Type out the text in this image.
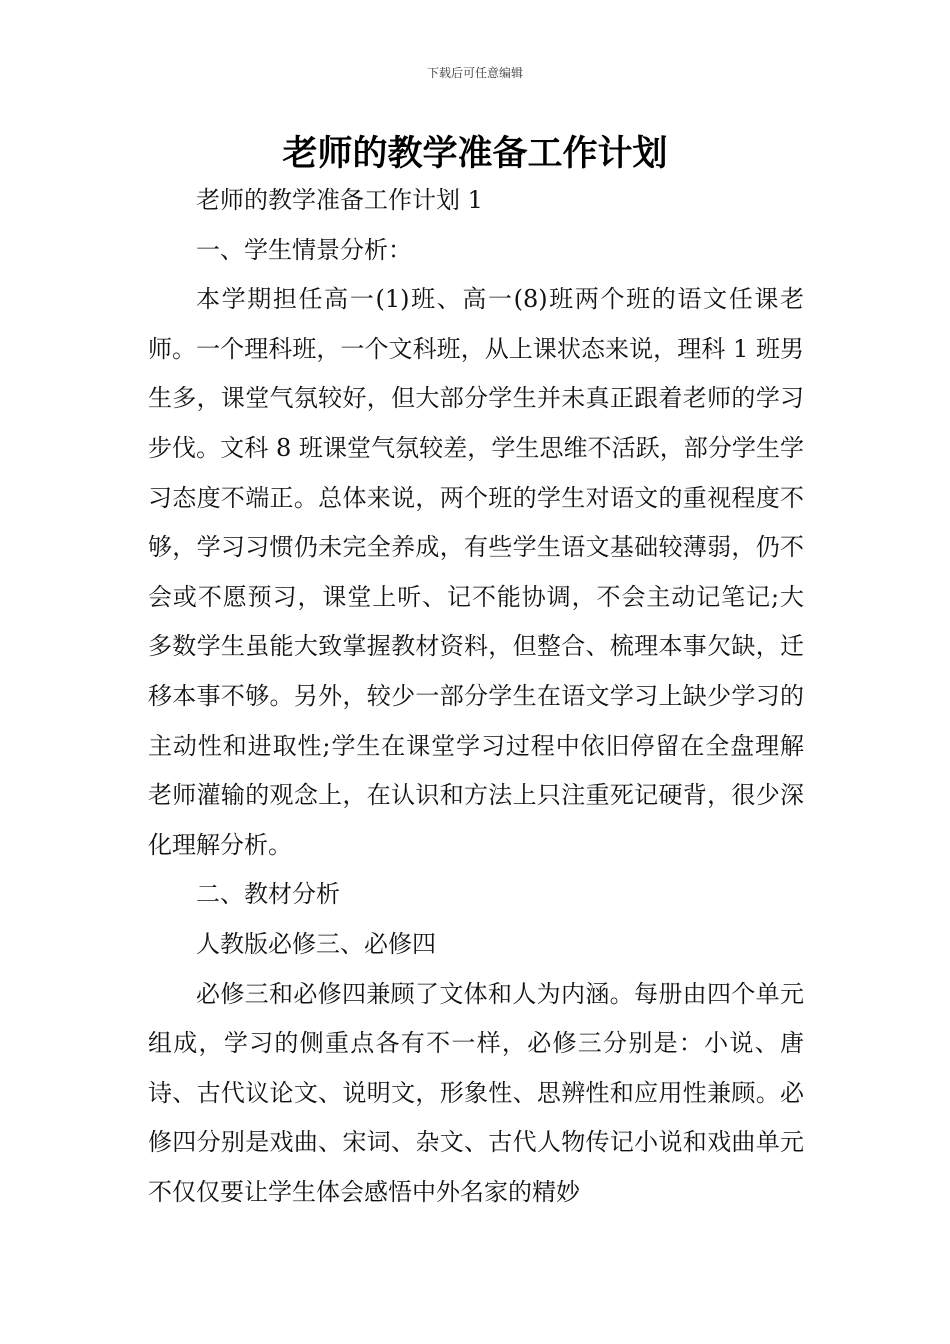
下载后可任意编辑
老师的教学准备工作计划

老师的教学准备工作计划 1

一、学生情景分析：

本学期担任高一(1)班、高一(8)班两个班的语文任课老师。一个理科班，一个文科班，从上课状态来说，理科 1 班男生多，课堂气氛较好，但大部分学生并未真正跟着老师的学习步伐。文科 8 班课堂气氛较差，学生思维不活跃，部分学生学习态度不端正。总体来说，两个班的学生对语文的重视程度不够，学习习惯仍未完全养成，有些学生语文基础较薄弱，仍不会或不愿预习，课堂上听、记不能协调，不会主动记笔记;大多数学生虽能大致掌握教材资料，但整合、梳理本事欠缺，迁移本事不够。另外，较少一部分学生在语文学习上缺少学习的主动性和进取性;学生在课堂学习过程中依旧停留在全盘理解老师灌输的观念上，在认识和方法上只注重死记硬背，很少深化理解分析。

二、教材分析

人教版必修三、必修四

必修三和必修四兼顾了文体和人为内涵。每册由四个单元组成，学习的侧重点各有不一样，必修三分别是：小说、唐诗、古代议论文、说明文，形象性、思辨性和应用性兼顾。必修四分别是戏曲、宋词、杂文、古代人物传记小说和戏曲单元不仅仅要让学生体会感悟中外名家的精妙
